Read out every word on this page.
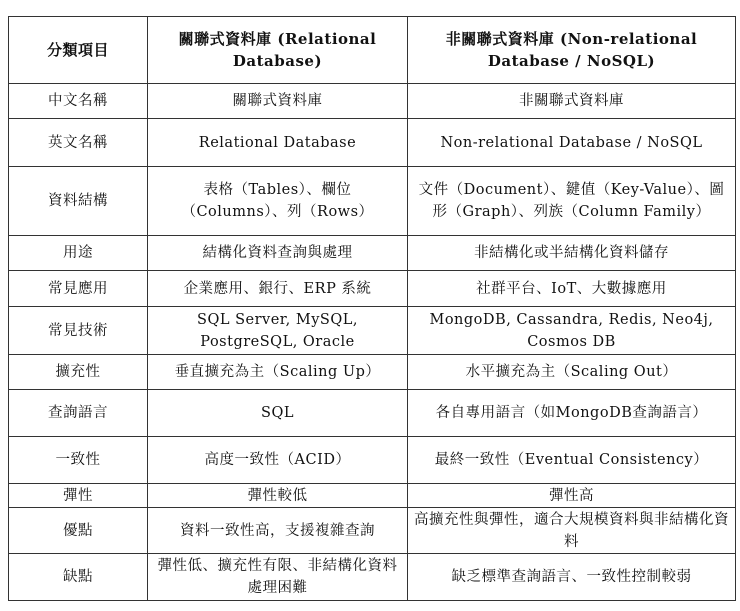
分類項目	關聯式資料庫 (Relational Database)	非關聯式資料庫 (Non-relational Database / NoSQL)
中文名稱	關聯式資料庫	非關聯式資料庫
英文名稱	Relational Database	Non-relational Database / NoSQL
資料結構	表格（Tables）、欄位（Columns）、列（Rows）	文件（Document）、鍵值（Key-Value）、圖形（Graph）、列族（Column Family）
用途	結構化資料查詢與處理	非結構化或半結構化資料儲存
常見應用	企業應用、銀行、ERP 系統	社群平台、IoT、大數據應用
常見技術	SQL Server, MySQL, PostgreSQL, Oracle	MongoDB, Cassandra, Redis, Neo4j, Cosmos DB
擴充性	垂直擴充為主（Scaling Up）	水平擴充為主（Scaling Out）
查詢語言	SQL	各自專用語言（如MongoDB查詢語言）
一致性	高度一致性（ACID）	最終一致性（Eventual Consistency）
彈性	彈性較低	彈性高
優點	資料一致性高，支援複雜查詢	高擴充性與彈性，適合大規模資料與非結構化資料
缺點	彈性低、擴充性有限、非結構化資料處理困難	缺乏標準查詢語言、一致性控制較弱
